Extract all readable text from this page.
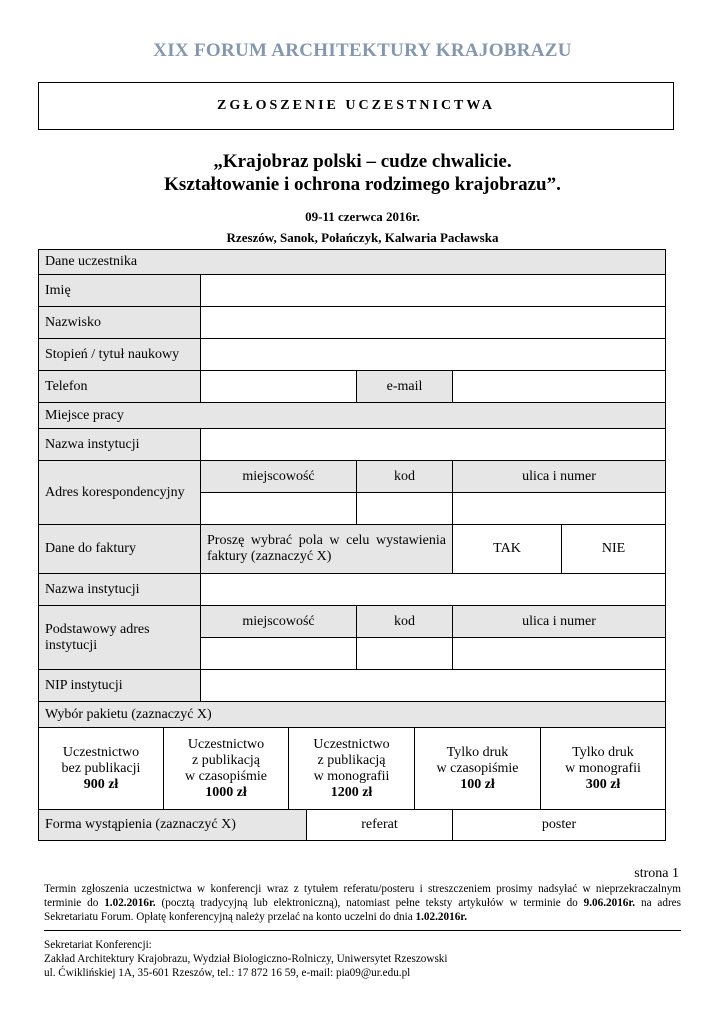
XIX FORUM ARCHITEKTURY KRAJOBRAZU
ZGŁOSZENIE UCZESTNICTWA
„Krajobraz polski – cudze chwalicie.
Kształtowanie i ochrona rodzimego krajobrazu”.
09-11 czerwca 2016r.
Rzeszów, Sanok, Połańczyk, Kalwaria Pacławska
Dane uczestnika
Imię
Nazwisko
Stopień / tytuł naukowy
Telefon	e-mail
Miejsce pracy
Nazwa instytucji
Adres korespondencyjny
miejscowość	kod	ulica i numer
Dane do faktury
Proszę wybrać pola w celu wystawienia faktury (zaznaczyć X)
TAK	NIE
Nazwa instytucji
Podstawowy adres instytucji
miejscowość	kod	ulica i numer
NIP instytucji
Wybór pakietu (zaznaczyć X)
Uczestnictwo
bez publikacji
900 zł
Uczestnictwo
z publikacją
w czasopiśmie
1000 zł
Uczestnictwo
z publikacją
w monografii
1200 zł
Tylko druk
w czasopiśmie
100 zł
Tylko druk
w monografii
300 zł
Forma wystąpienia (zaznaczyć X)	referat	poster
strona 1
Termin zgłoszenia uczestnictwa w konferencji wraz z tytułem referatu/posteru i streszczeniem prosimy nadsyłać w nieprzekraczalnym terminie do 1.02.2016r. (pocztą tradycyjną lub elektroniczną), natomiast pełne teksty artykułów w terminie do 9.06.2016r. na adres Sekretariatu Forum. Opłatę konferencyjną należy przelać na konto uczelni do dnia 1.02.2016r.
Sekretariat Konferencji:
Zakład Architektury Krajobrazu, Wydział Biologiczno-Rolniczy, Uniwersytet Rzeszowski
ul. Ćwiklińskiej 1A, 35-601 Rzeszów, tel.: 17 872 16 59, e-mail: pia09@ur.edu.pl
